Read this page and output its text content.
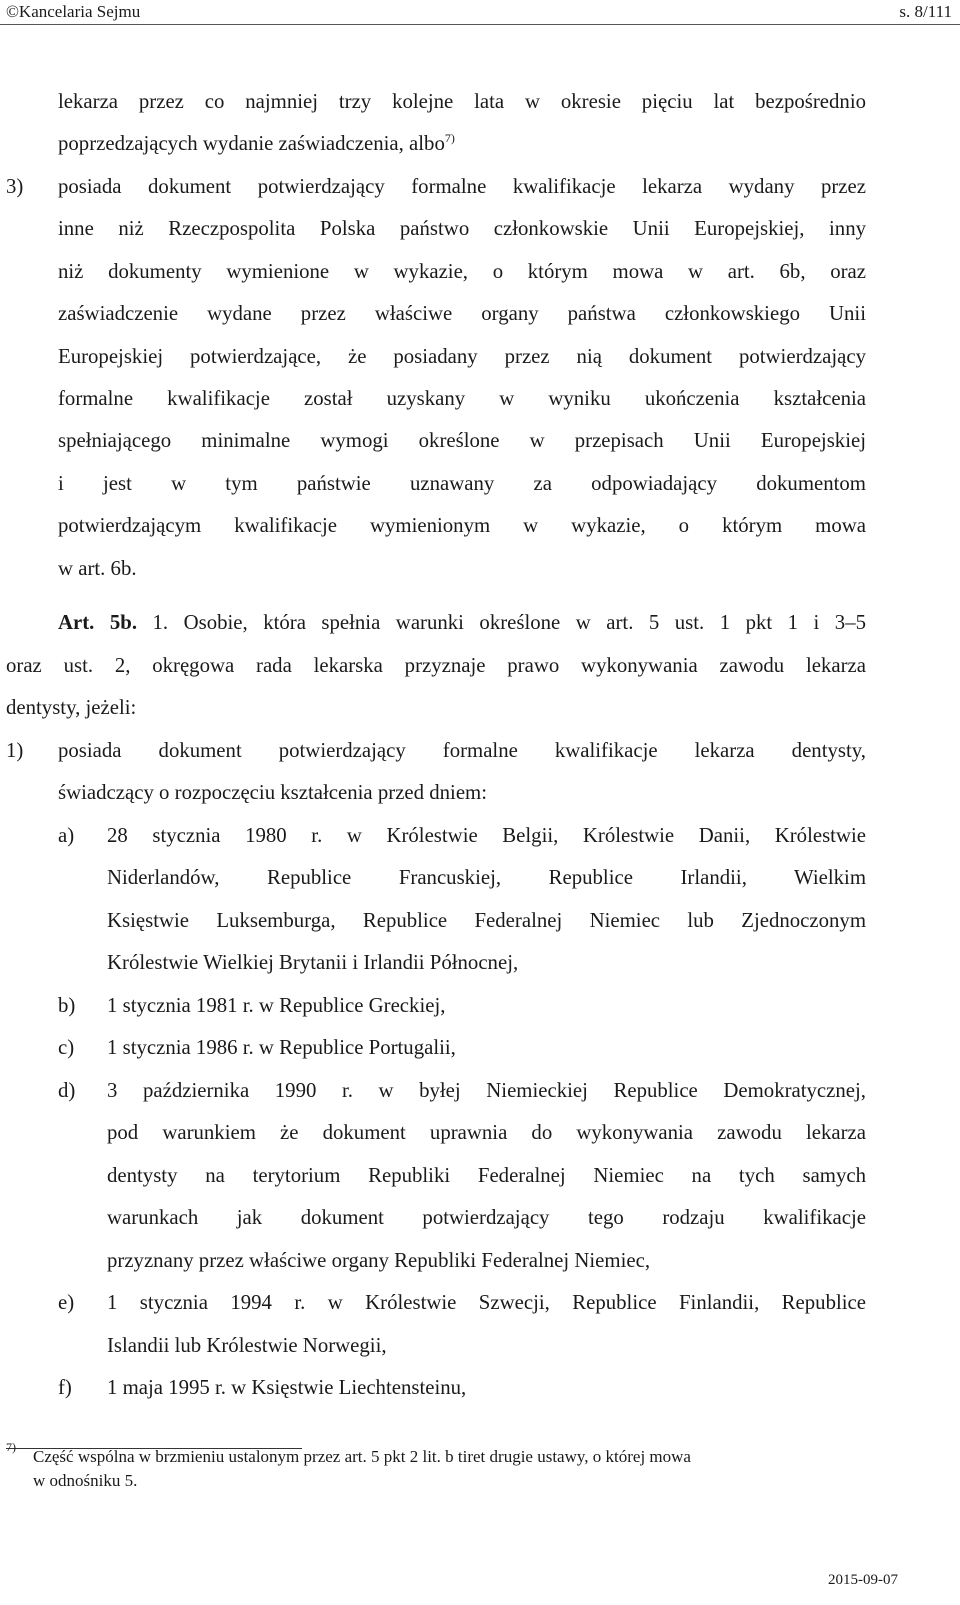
©Kancelaria Sejmu	s. 8/111
lekarza przez co najmniej trzy kolejne lata w okresie pięciu lat bezpośrednio
poprzedzających wydanie zaświadczenia, albo$^{7)}$
3) posiada dokument potwierdzający formalne kwalifikacje lekarza wydany przez
inne niż Rzeczpospolita Polska państwo członkowskie Unii Europejskiej, inny
niż dokumenty wymienione w wykazie, o którym mowa w art. 6b, oraz
zaświadczenie wydane przez właściwe organy państwa członkowskiego Unii
Europejskiej potwierdzające, że posiadany przez nią dokument potwierdzający
formalne kwalifikacje został uzyskany w wyniku ukończenia kształcenia
spełniającego minimalne wymogi określone w przepisach Unii Europejskiej
i jest w tym państwie uznawany za odpowiadający dokumentom
potwierdzającym kwalifikacje wymienionym w wykazie, o którym mowa
w art. 6b.
Art. 5b. 1. Osobie, która spełnia warunki określone w art. 5 ust. 1 pkt 1 i 3–5
oraz ust. 2, okręgowa rada lekarska przyznaje prawo wykonywania zawodu lekarza
dentysty, jeżeli:
1) posiada dokument potwierdzający formalne kwalifikacje lekarza dentysty,
świadczący o rozpoczęciu kształcenia przed dniem:
a) 28 stycznia 1980 r. w Królestwie Belgii, Królestwie Danii, Królestwie
Niderlandów, Republice Francuskiej, Republice Irlandii, Wielkim
Księstwie Luksemburga, Republice Federalnej Niemiec lub Zjednoczonym
Królestwie Wielkiej Brytanii i Irlandii Północnej,
b) 1 stycznia 1981 r. w Republice Greckiej,
c) 1 stycznia 1986 r. w Republice Portugalii,
d) 3 października 1990 r. w byłej Niemieckiej Republice Demokratycznej,
pod warunkiem że dokument uprawnia do wykonywania zawodu lekarza
dentysty na terytorium Republiki Federalnej Niemiec na tych samych
warunkach jak dokument potwierdzający tego rodzaju kwalifikacje
przyznany przez właściwe organy Republiki Federalnej Niemiec,
e) 1 stycznia 1994 r. w Królestwie Szwecji, Republice Finlandii, Republice
Islandii lub Królestwie Norwegii,
f) 1 maja 1995 r. w Księstwie Liechtensteinu,
7) Część wspólna w brzmieniu ustalonym przez art. 5 pkt 2 lit. b tiret drugie ustawy, o której mowa
w odnośniku 5.
2015-09-07
